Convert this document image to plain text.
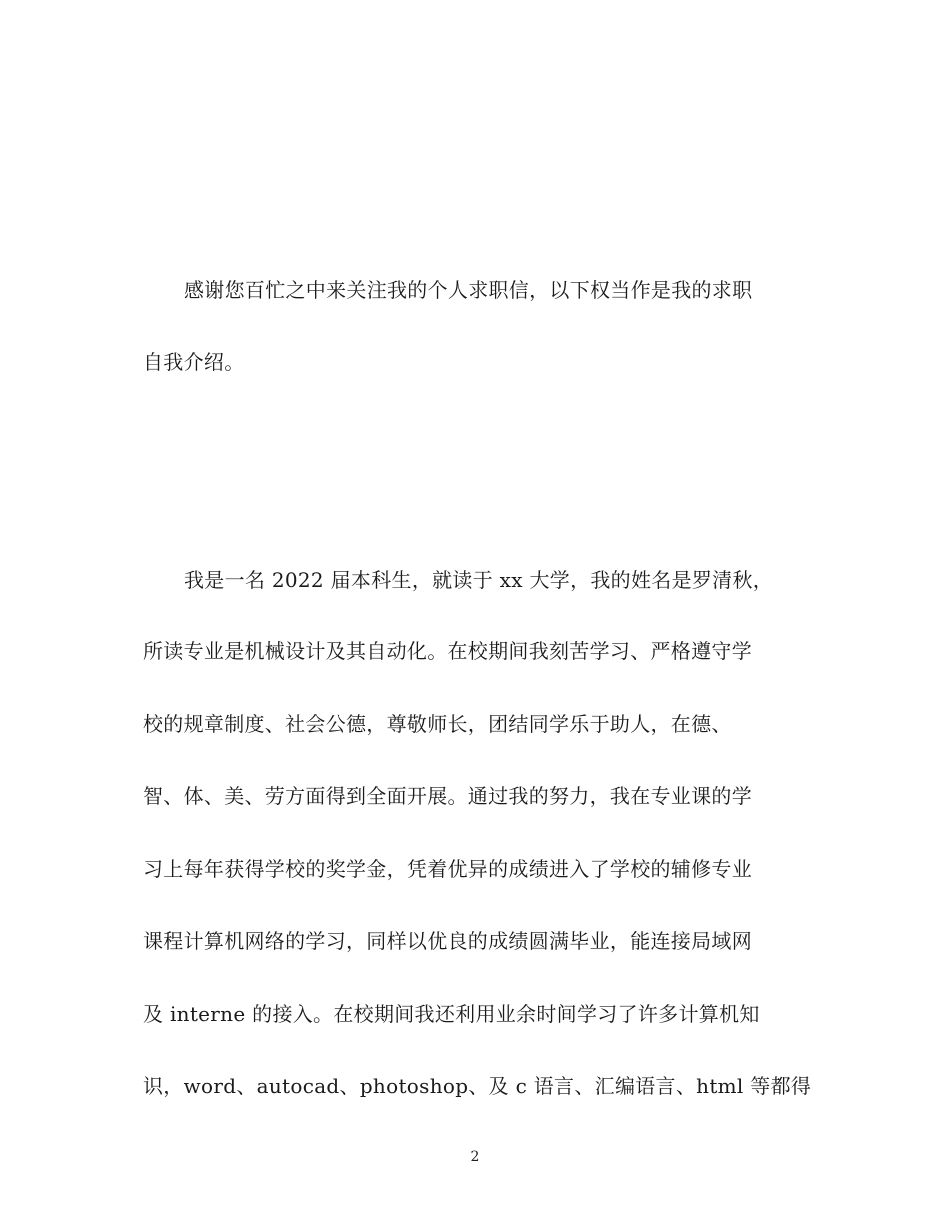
感谢您百忙之中来关注我的个人求职信，以下权当作是我的求职
自我介绍。
我是一名 2022 届本科生，就读于 xx 大学，我的姓名是罗清秋，
所读专业是机械设计及其自动化。在校期间我刻苦学习、严格遵守学
校的规章制度、社会公德，尊敬师长，团结同学乐于助人，在德、
智、体、美、劳方面得到全面开展。通过我的努力，我在专业课的学
习上每年获得学校的奖学金，凭着优异的成绩进入了学校的辅修专业
课程计算机网络的学习，同样以优良的成绩圆满毕业，能连接局域网
及 interne 的接入。在校期间我还利用业余时间学习了许多计算机知
识，word、autocad、photoshop、及 c 语言、汇编语言、html 等都得
2
